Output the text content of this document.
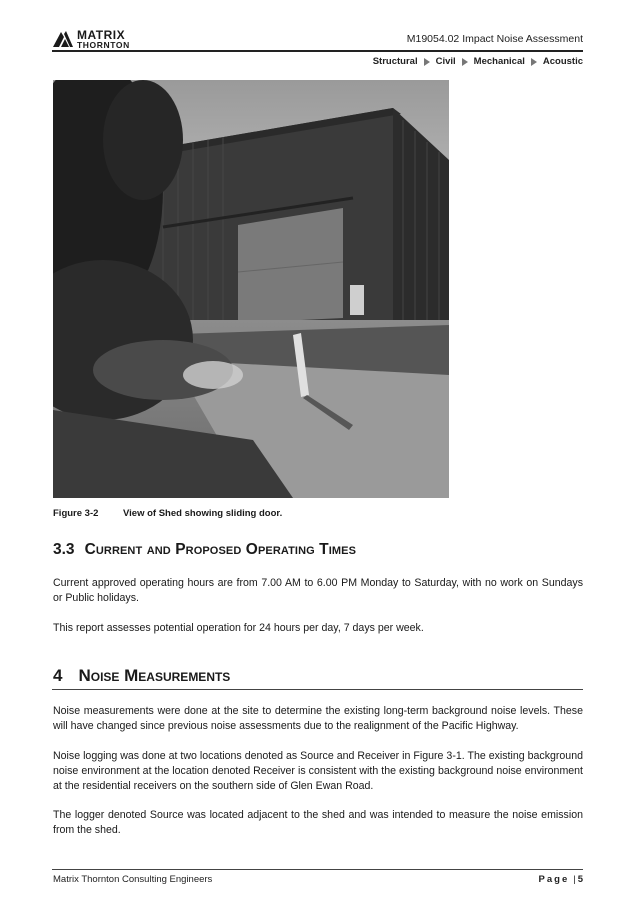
MATRIX
THORNTON	M19054.02 Impact Noise Assessment
Structural Civil Mechanical Acoustic
Figure 3-2	View of Shed showing sliding door.
3.3 Current and Proposed Operating Times

Current approved operating hours are from 7.00 AM to 6.00 PM Monday to Saturday, with no work on Sundays or Public holidays.

This report assesses potential operation for 24 hours per day, 7 days per week.

4 Noise Measurements

Noise measurements were done at the site to determine the existing long-term background noise levels. These will have changed since previous noise assessments due to the realignment of the Pacific Highway.

Noise logging was done at two locations denoted as Source and Receiver in Figure 3-1. The existing background noise environment at the location denoted Receiver is consistent with the existing background noise environment at the residential receivers on the southern side of Glen Ewan Road.

The logger denoted Source was located adjacent to the shed and was intended to measure the noise emission from the shed.

Matrix Thornton Consulting Engineers	Page | 5
